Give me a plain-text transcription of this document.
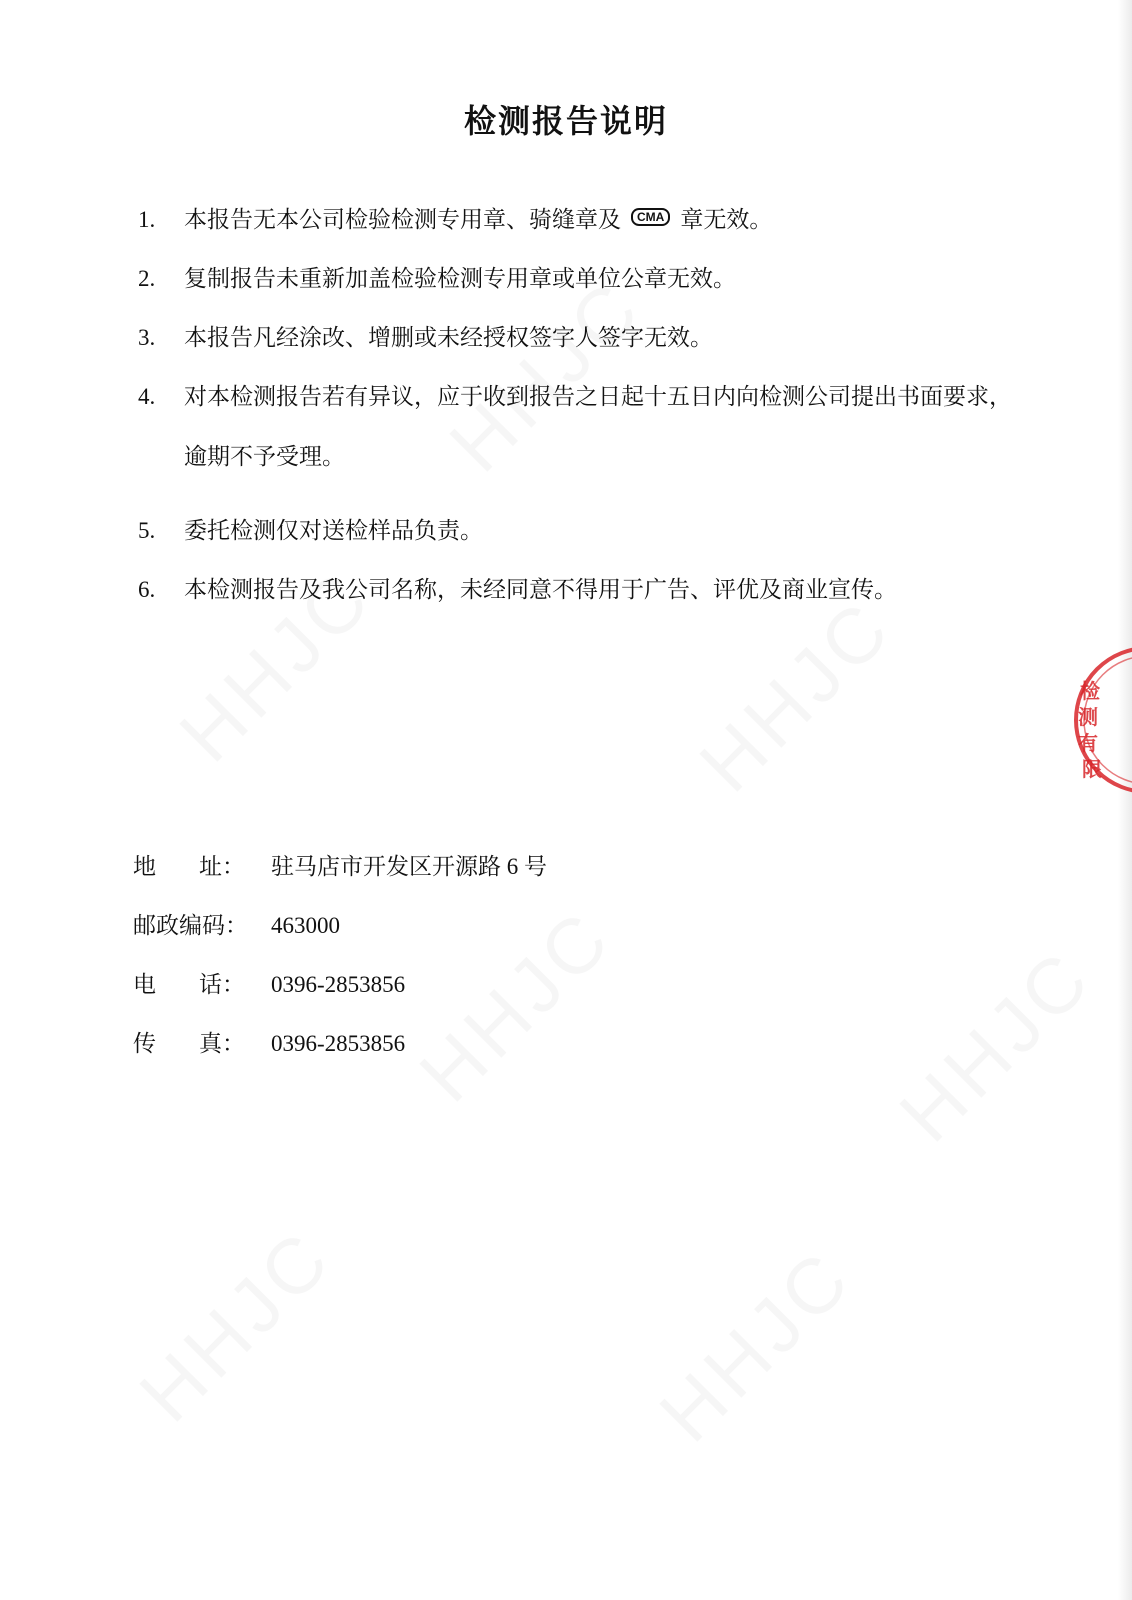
检测报告说明
1.	本报告无本公司检验检测专用章、骑缝章及 CMA 章无效。
2.	复制报告未重新加盖检验检测专用章或单位公章无效。
3.	本报告凡经涂改、增删或未经授权签字人签字无效。
4.	对本检测报告若有异议，应于收到报告之日起十五日内向检测公司提出书面要求，逾期不予受理。
5.	委托检测仅对送检样品负责。
6.	本检测报告及我公司名称，未经同意不得用于广告、评优及商业宣传。
地 址： 驻马店市开发区开源路 6 号
邮政编码：	463000
电 话： 0396-2853856
传 真： 0396-2853856
检
测
有
限
